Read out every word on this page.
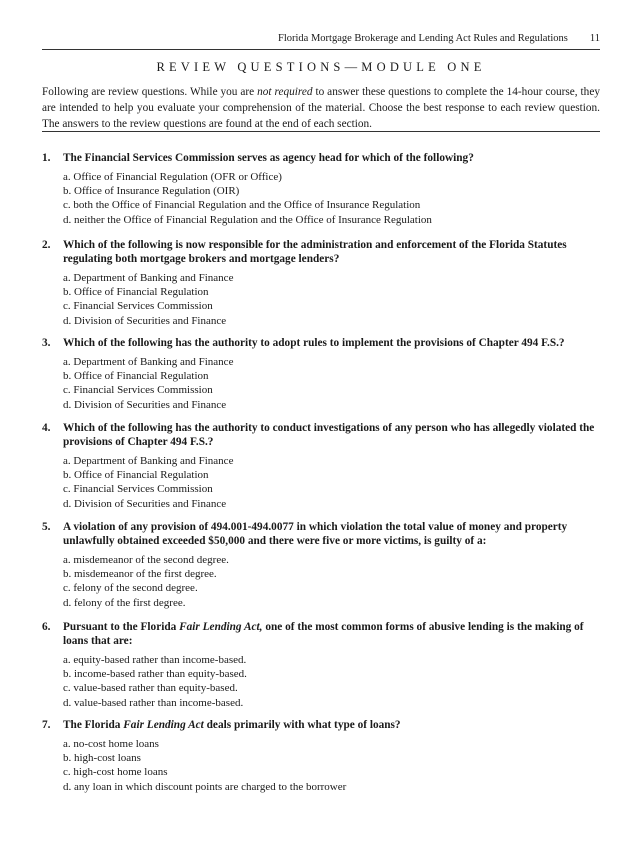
Florida Mortgage Brokerage and Lending Act Rules and Regulations 11
REVIEW QUESTIONS—MODULE ONE
Following are review questions. While you are not required to answer these questions to complete the 14-hour course, they are intended to help you evaluate your comprehension of the material. Choose the best response to each review question. The answers to the review questions are found at the end of each section.
1. The Financial Services Commission serves as agency head for which of the following?
a. Office of Financial Regulation (OFR or Office)
b. Office of Insurance Regulation (OIR)
c. both the Office of Financial Regulation and the Office of Insurance Regulation
d. neither the Office of Financial Regulation and the Office of Insurance Regulation
2. Which of the following is now responsible for the administration and enforcement of the Florida Statutes regulating both mortgage brokers and mortgage lenders?
a. Department of Banking and Finance
b. Office of Financial Regulation
c. Financial Services Commission
d. Division of Securities and Finance
3. Which of the following has the authority to adopt rules to implement the provisions of Chapter 494 F.S.?
a. Department of Banking and Finance
b. Office of Financial Regulation
c. Financial Services Commission
d. Division of Securities and Finance
4. Which of the following has the authority to conduct investigations of any person who has allegedly violated the provisions of Chapter 494 F.S.?
a. Department of Banking and Finance
b. Office of Financial Regulation
c. Financial Services Commission
d. Division of Securities and Finance
5. A violation of any provision of 494.001-494.0077 in which violation the total value of money and property unlawfully obtained exceeded $50,000 and there were five or more victims, is guilty of a:
a. misdemeanor of the second degree.
b. misdemeanor of the first degree.
c. felony of the second degree.
d. felony of the first degree.
6. Pursuant to the Florida Fair Lending Act, one of the most common forms of abusive lending is the making of loans that are:
a. equity-based rather than income-based.
b. income-based rather than equity-based.
c. value-based rather than equity-based.
d. value-based rather than income-based.
7. The Florida Fair Lending Act deals primarily with what type of loans?
a. no-cost home loans
b. high-cost loans
c. high-cost home loans
d. any loan in which discount points are charged to the borrower
